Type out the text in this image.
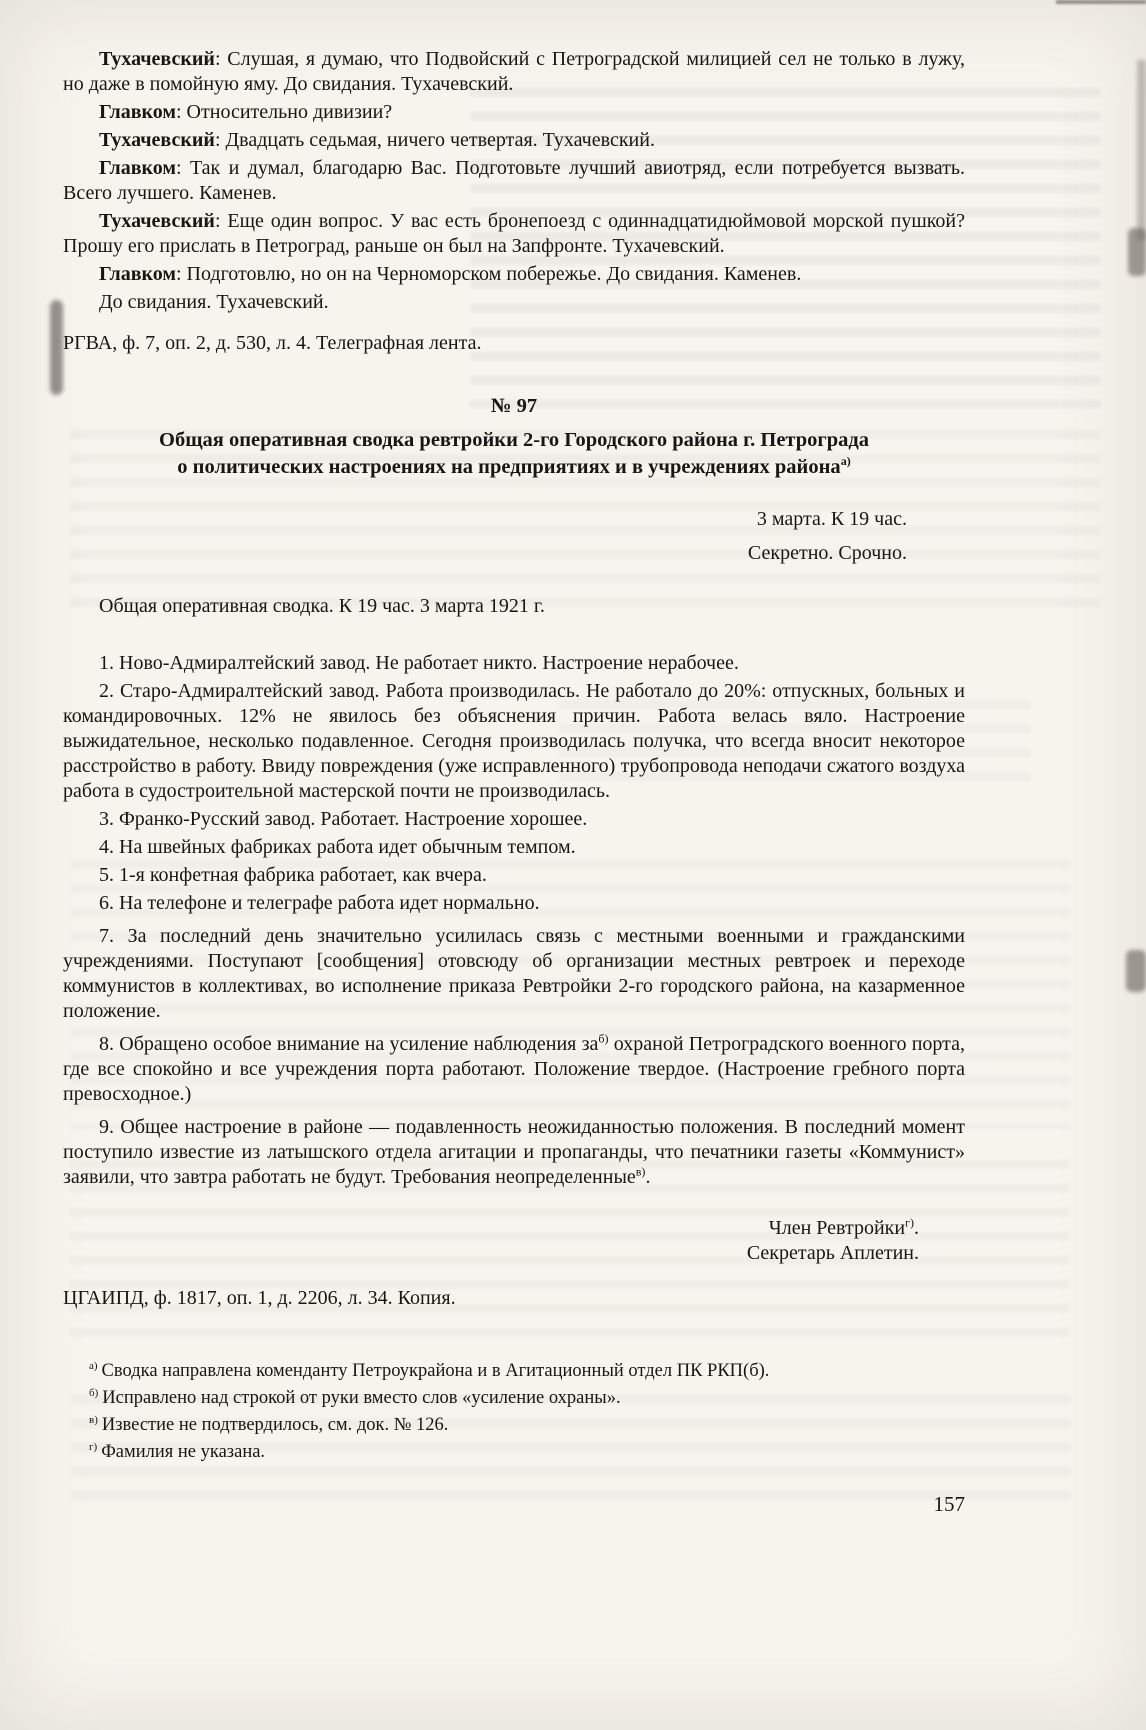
Тухачевский: Слушая, я думаю, что Подвойский с Петроградской милицией сел не только в лужу, но даже в помойную яму. До свидания. Тухачевский.

Главком: Относительно дивизии?

Тухачевский: Двадцать седьмая, ничего четвертая. Тухачевский.

Главком: Так и думал, благодарю Вас. Подготовьте лучший авиотряд, если потребуется вызвать. Всего лучшего. Каменев.

Тухачевский: Еще один вопрос. У вас есть бронепоезд с одиннадцатидюймовой морской пушкой? Прошу его прислать в Петроград, раньше он был на Запфронте. Тухачевский.

Главком: Подготовлю, но он на Черноморском побережье. До свидания. Каменев.

До свидания. Тухачевский.

РГВА, ф. 7, оп. 2, д. 530, л. 4. Телеграфная лента.

№ 97

Общая оперативная сводка ревтройки 2-го Городского района г. Петрограда
о политических настроениях на предприятиях и в учреждениях района$^{а)}$

3 марта. К 19 час.

Секретно. Срочно.

Общая оперативная сводка. К 19 час. 3 марта 1921 г.

1. Ново-Адмиралтейский завод. Не работает никто. Настроение нерабочее.

2. Старо-Адмиралтейский завод. Работа производилась. Не работало до 20%: отпускных, больных и командировочных. 12% не явилось без объяснения причин. Работа велась вяло. Настроение выжидательное, несколько подавленное. Сегодня производилась получка, что всегда вносит некоторое расстройство в работу. Ввиду повреждения (уже исправленного) трубопровода неподачи сжатого воздуха работа в судостроительной мастерской почти не производилась.

3. Франко-Русский завод. Работает. Настроение хорошее.

4. На швейных фабриках работа идет обычным темпом.

5. 1-я конфетная фабрика работает, как вчера.

6. На телефоне и телеграфе работа идет нормально.

7. За последний день значительно усилилась связь с местными военными и гражданскими учреждениями. Поступают [сообщения] отовсюду об организации местных ревтроек и переходе коммунистов в коллективах, во исполнение приказа Ревтройки 2-го городского района, на казарменное положение.

8. Обращено особое внимание на усиление наблюдения за$^{б)}$ охраной Петроградского военного порта, где все спокойно и все учреждения порта работают. Положение твердое. (Настроение гребного порта превосходное.)

9. Общее настроение в районе — подавленность неожиданностью положения. В последний момент поступило известие из латышского отдела агитации и пропаганды, что печатники газеты «Коммунист» заявили, что завтра работать не будут. Требования неопределенные$^{в)}$.

Член Ревтройки$^{г)}$.

Секретарь Аплетин.

ЦГАИПД, ф. 1817, оп. 1, д. 2206, л. 34. Копия.

$^{а)}$ Сводка направлена коменданту Петроукрайона и в Агитационный отдел ПК РКП(б).

$^{б)}$ Исправлено над строкой от руки вместо слов «усиление охраны».

$^{в)}$ Известие не подтвердилось, см. док. № 126.

$^{г)}$ Фамилия не указана.

157
